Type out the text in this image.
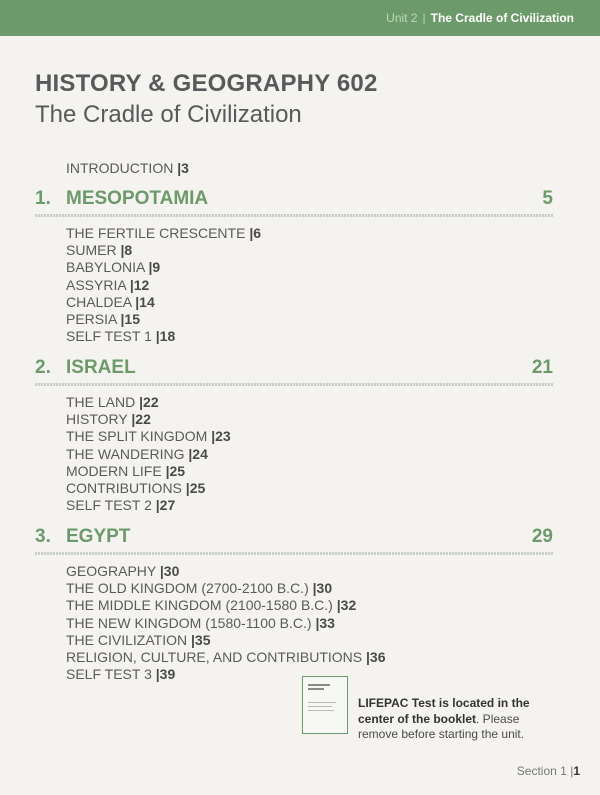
Unit 2 | The Cradle of Civilization
HISTORY & GEOGRAPHY 602
The Cradle of Civilization
INTRODUCTION |3
1. MESOPOTAMIA	5
THE FERTILE CRESCENTE |6
SUMER |8
BABYLONIA |9
ASSYRIA |12
CHALDEA |14
PERSIA |15
SELF TEST 1 |18
2. ISRAEL	21
THE LAND |22
HISTORY |22
THE SPLIT KINGDOM |23
THE WANDERING |24
MODERN LIFE |25
CONTRIBUTIONS |25
SELF TEST 2 |27
3. EGYPT	29
GEOGRAPHY |30
THE OLD KINGDOM (2700-2100 B.C.) |30
THE MIDDLE KINGDOM (2100-1580 B.C.) |32
THE NEW KINGDOM (1580-1100 B.C.) |33
THE CIVILIZATION |35
RELIGION, CULTURE, AND CONTRIBUTIONS |36
SELF TEST 3 |39
LIFEPAC Test is located in the center of the booklet. Please remove before starting the unit.
Section 1 |1
